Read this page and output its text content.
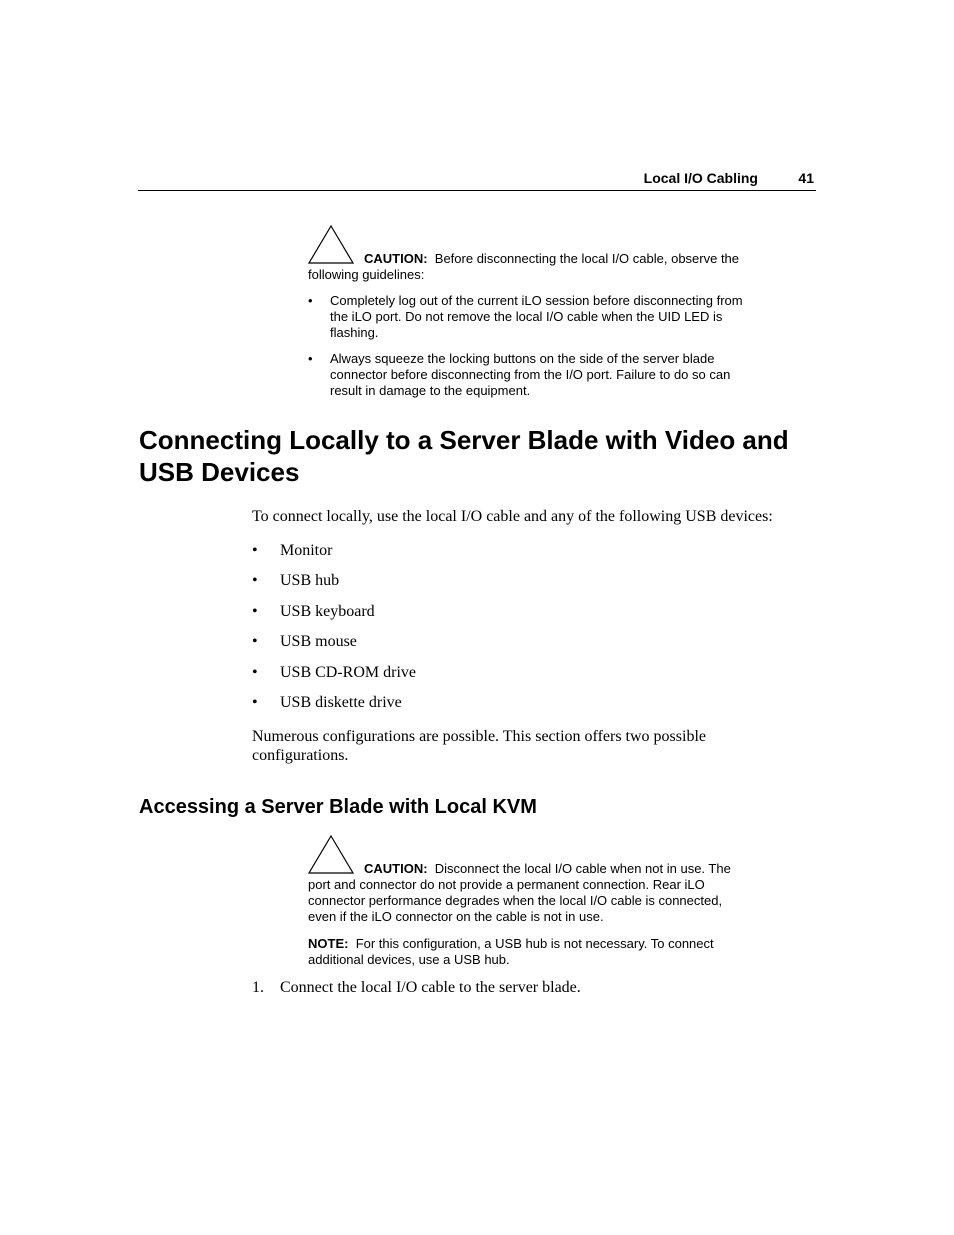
Local I/O Cabling	41

CAUTION: Before disconnecting the local I/O cable, observe the following guidelines:

• Completely log out of the current iLO session before disconnecting from the iLO port. Do not remove the local I/O cable when the UID LED is flashing.
• Always squeeze the locking buttons on the side of the server blade connector before disconnecting from the I/O port. Failure to do so can result in damage to the equipment.
Connecting Locally to a Server Blade with Video and USB Devices

To connect locally, use the local I/O cable and any of the following USB devices:

• Monitor
• USB hub
• USB keyboard
• USB mouse
• USB CD-ROM drive
• USB diskette drive

Numerous configurations are possible. This section offers two possible configurations.

Accessing a Server Blade with Local KVM

CAUTION: Disconnect the local I/O cable when not in use. The port and connector do not provide a permanent connection. Rear iLO connector performance degrades when the local I/O cable is connected, even if the iLO connector on the cable is not in use.

NOTE: For this configuration, a USB hub is not necessary. To connect additional devices, use a USB hub.

1. Connect the local I/O cable to the server blade.
